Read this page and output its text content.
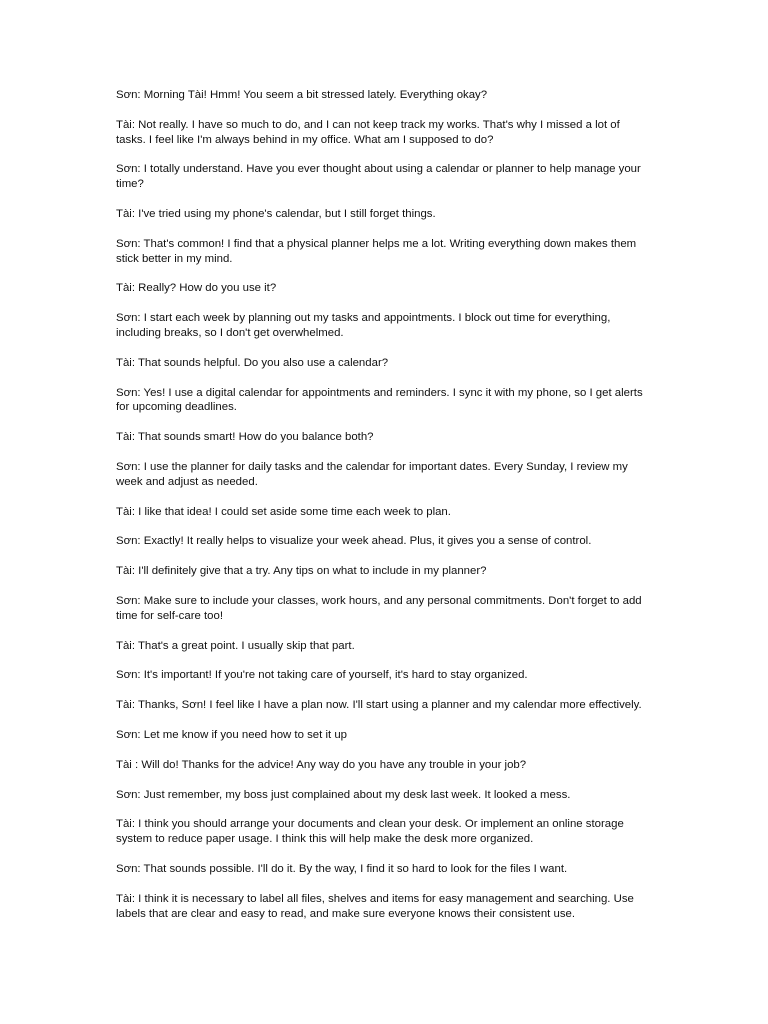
Sơn: Morning Tài! Hmm! You seem a bit stressed lately. Everything okay?
Tài: Not really. I have so much to do, and I can not keep track my works. That's why I missed a lot of tasks. I feel like I'm always behind in my office. What am I supposed to do?
Sơn: I totally understand. Have you ever thought about using a calendar or planner to help manage your time?
Tài: I've tried using my phone's calendar, but I still forget things.
Sơn: That's common! I find that a physical planner helps me a lot. Writing everything down makes them stick better in my mind.
Tài: Really? How do you use it?
Sơn: I start each week by planning out my tasks and appointments. I block out time for everything, including breaks, so I don't get overwhelmed.
Tài: That sounds helpful. Do you also use a calendar?
Sơn: Yes! I use a digital calendar for appointments and reminders. I sync it with my phone, so I get alerts for upcoming deadlines.
Tài: That sounds smart! How do you balance both?
Sơn: I use the planner for daily tasks and the calendar for important dates. Every Sunday, I review my week and adjust as needed.
Tài: I like that idea! I could set aside some time each week to plan.
Sơn: Exactly! It really helps to visualize your week ahead. Plus, it gives you a sense of control.
Tài: I'll definitely give that a try. Any tips on what to include in my planner?
Sơn: Make sure to include your classes, work hours, and any personal commitments. Don't forget to add time for self-care too!
Tài: That's a great point. I usually skip that part.
Sơn: It's important! If you're not taking care of yourself, it's hard to stay organized.
Tài: Thanks, Sơn! I feel like I have a plan now. I'll start using a planner and my calendar more effectively.
Sơn: Let me know if you need how to set it up
Tài : Will do! Thanks for the advice! Any way do you have any trouble in your job?
Sơn: Just remember, my boss just complained about my desk last week. It looked a mess.
Tài: I think you should arrange your documents and clean your desk. Or implement an online storage system to reduce paper usage. I think this will help make the desk more organized.
Sơn: That sounds possible. I'll do it. By the way, I find it so hard to look for the files I want.
Tài: I think it is necessary to label all files, shelves and items for easy management and searching. Use labels that are clear and easy to read, and make sure everyone knows their consistent use.
